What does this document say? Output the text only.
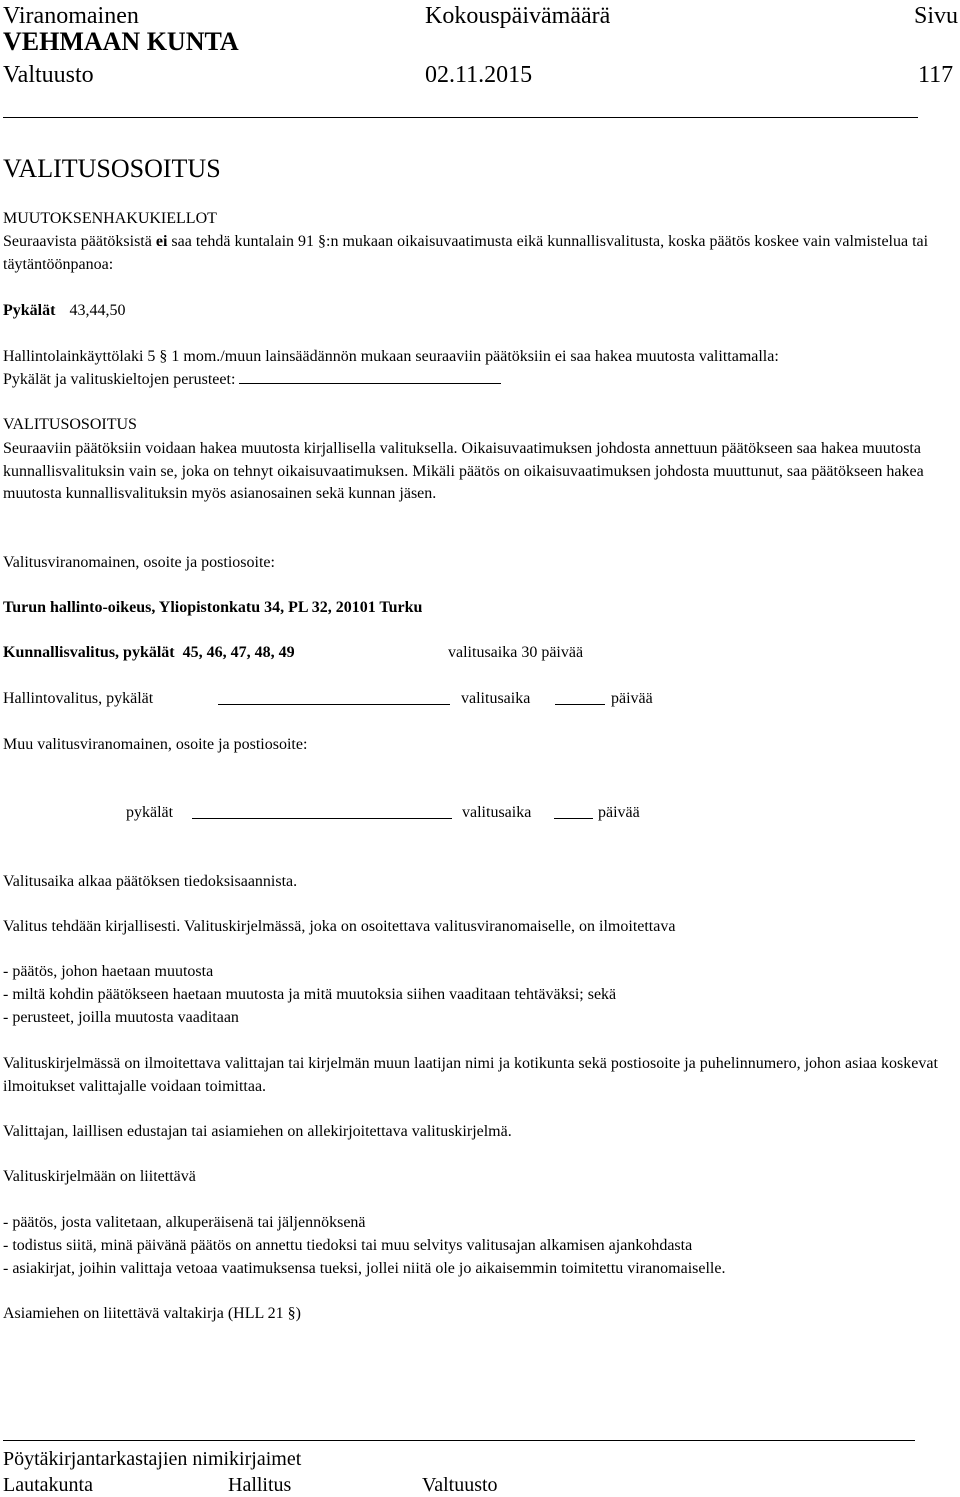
Viranomainen	Kokouspäivämäärä	Sivu
VEHMAAN KUNTA
Valtuusto	02.11.2015	117
VALITUSOSOITUS
MUUTOKSENHAKUKIELLOT
Seuraavista päätöksistä ei saa tehdä kuntalain 91 §:n mukaan oikaisuvaatimusta eikä kunnallisvalitusta, koska päätös koskee vain valmistelua tai täytäntöönpanoa:
Pykälät 43,44,50
Hallintolainkäyttölaki 5 § 1 mom./muun lainsäädännön mukaan seuraaviin päätöksiin ei saa hakea muutosta valittamalla:
Pykälät ja valituskieltojen perusteet:
VALITUSOSOITUS
Seuraaviin päätöksiin voidaan hakea muutosta kirjallisella valituksella. Oikaisuvaatimuksen johdosta annettuun päätökseen saa hakea muutosta kunnallisvalituksin vain se, joka on tehnyt oikaisuvaatimuksen. Mikäli päätös on oikaisuvaatimuksen johdosta muuttunut, saa päätökseen hakea muutosta kunnallisvalituksin myös asianosainen sekä kunnan jäsen.
Valitusviranomainen, osoite ja postiosoite:
Turun hallinto-oikeus, Yliopistonkatu 34, PL 32, 20101 Turku
Kunnallisvalitus, pykälät 45, 46, 47, 48, 49	valitusaika 30 päivää
Hallintovalitus, pykälät	valitusaika	päivää
Muu valitusviranomainen, osoite ja postiosoite:
pykälät	valitusaika	päivää
Valitusaika alkaa päätöksen tiedoksisaannista.
Valitus tehdään kirjallisesti. Valituskirjelmässä, joka on osoitettava valitusviranomaiselle, on ilmoitettava
- päätös, johon haetaan muutosta
- miltä kohdin päätökseen haetaan muutosta ja mitä muutoksia siihen vaaditaan tehtäväksi; sekä
- perusteet, joilla muutosta vaaditaan
Valituskirjelmässä on ilmoitettava valittajan tai kirjelmän muun laatijan nimi ja kotikunta sekä postiosoite ja puhelinnumero, johon asiaa koskevat ilmoitukset valittajalle voidaan toimittaa.
Valittajan, laillisen edustajan tai asiamiehen on allekirjoitettava valituskirjelmä.
Valituskirjelmään on liitettävä
- päätös, josta valitetaan, alkuperäisenä tai jäljennöksenä
- todistus siitä, minä päivänä päätös on annettu tiedoksi tai muu selvitys valitusajan alkamisen ajankohdasta
- asiakirjat, joihin valittaja vetoaa vaatimuksensa tueksi, jollei niitä ole jo aikaisemmin toimitettu viranomaiselle.
Asiamiehen on liitettävä valtakirja (HLL 21 §)
Pöytäkirjantarkastajien nimikirjaimet
Lautakunta	Hallitus	Valtuusto
